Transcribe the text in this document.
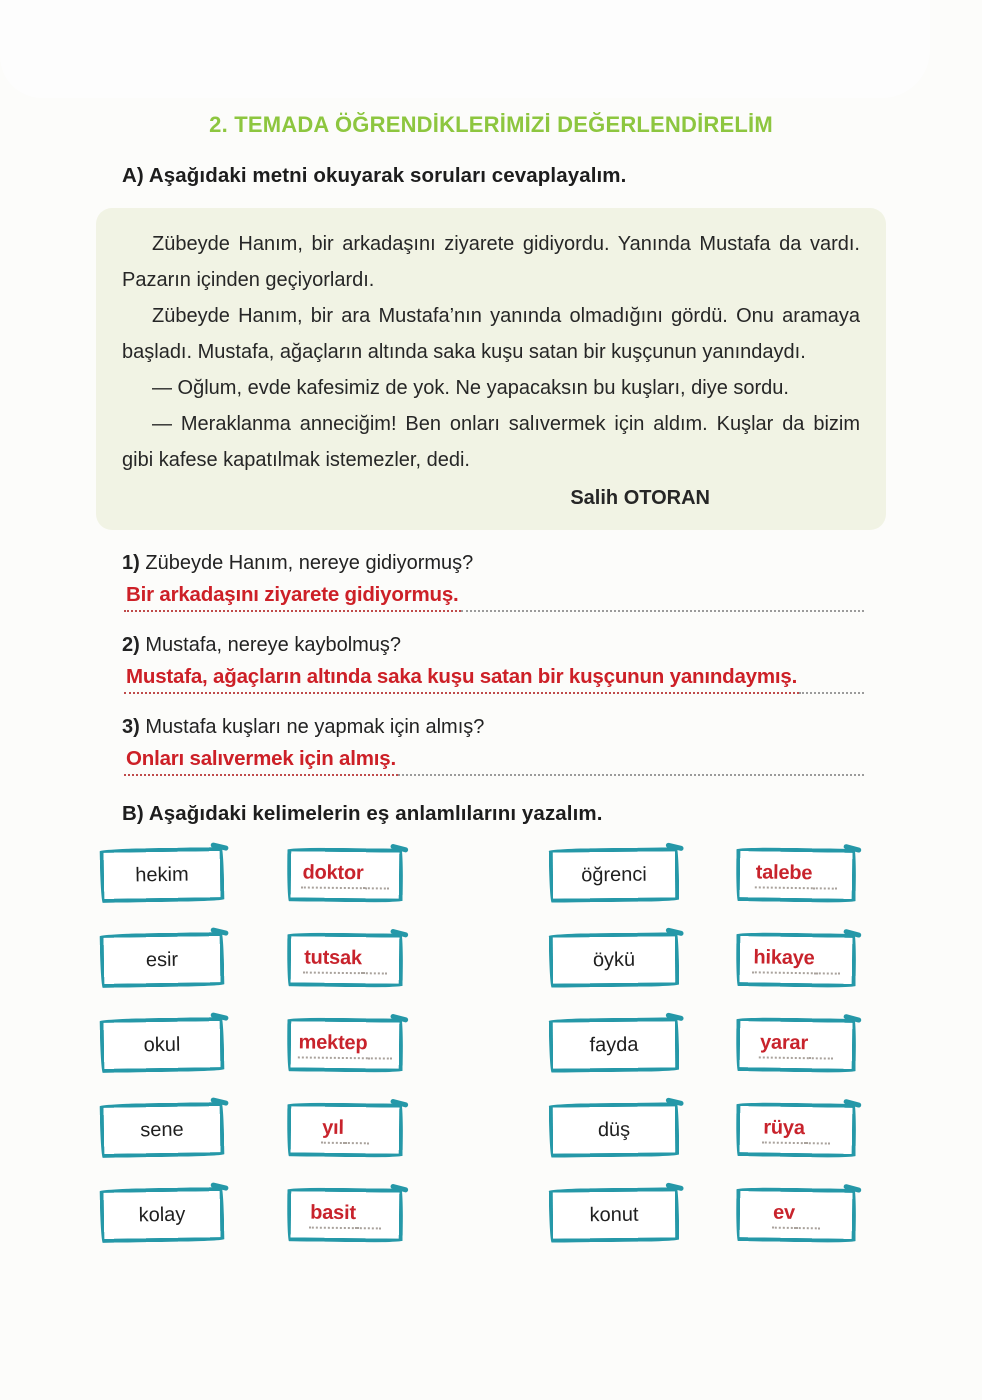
2. TEMADA ÖĞRENDİKLERİMİZİ DEĞERLENDİRELİM
A) Aşağıdaki metni okuyarak soruları cevaplayalım.

Zübeyde Hanım, bir arkadaşını ziyarete gidiyordu. Yanında Mustafa da vardı. Pazarın içinden geçiyorlardı.

Zübeyde Hanım, bir ara Mustafa’nın yanında olmadığını gördü. Onu aramaya başladı. Mustafa, ağaçların altında saka kuşu satan bir kuşçunun yanındaydı.

— Oğlum, evde kafesimiz de yok. Ne yapacaksın bu kuşları, diye sordu.

— Meraklanma anneciğim! Ben onları salıvermek için aldım. Kuşlar da bizim gibi kafese kapatılmak istemezler, dedi.

Salih OTORAN

1) Zübeyde Hanım, nereye gidiyormuş?
Bir arkadaşını ziyarete gidiyormuş.
2) Mustafa, nereye kaybolmuş?
Mustafa, ağaçların altında saka kuşu satan bir kuşçunun yanındaymış.
3) Mustafa kuşları ne yapmak için almış?
Onları salıvermek için almış.
B) Aşağıdaki kelimelerin eş anlamlılarını yazalım.
hekim	doktor	öğrenci	talebe
esir	tutsak	öykü	hikaye
okul	mektep	fayda	yarar
sene	yıl	düş	rüya
kolay	basit	konut	ev
